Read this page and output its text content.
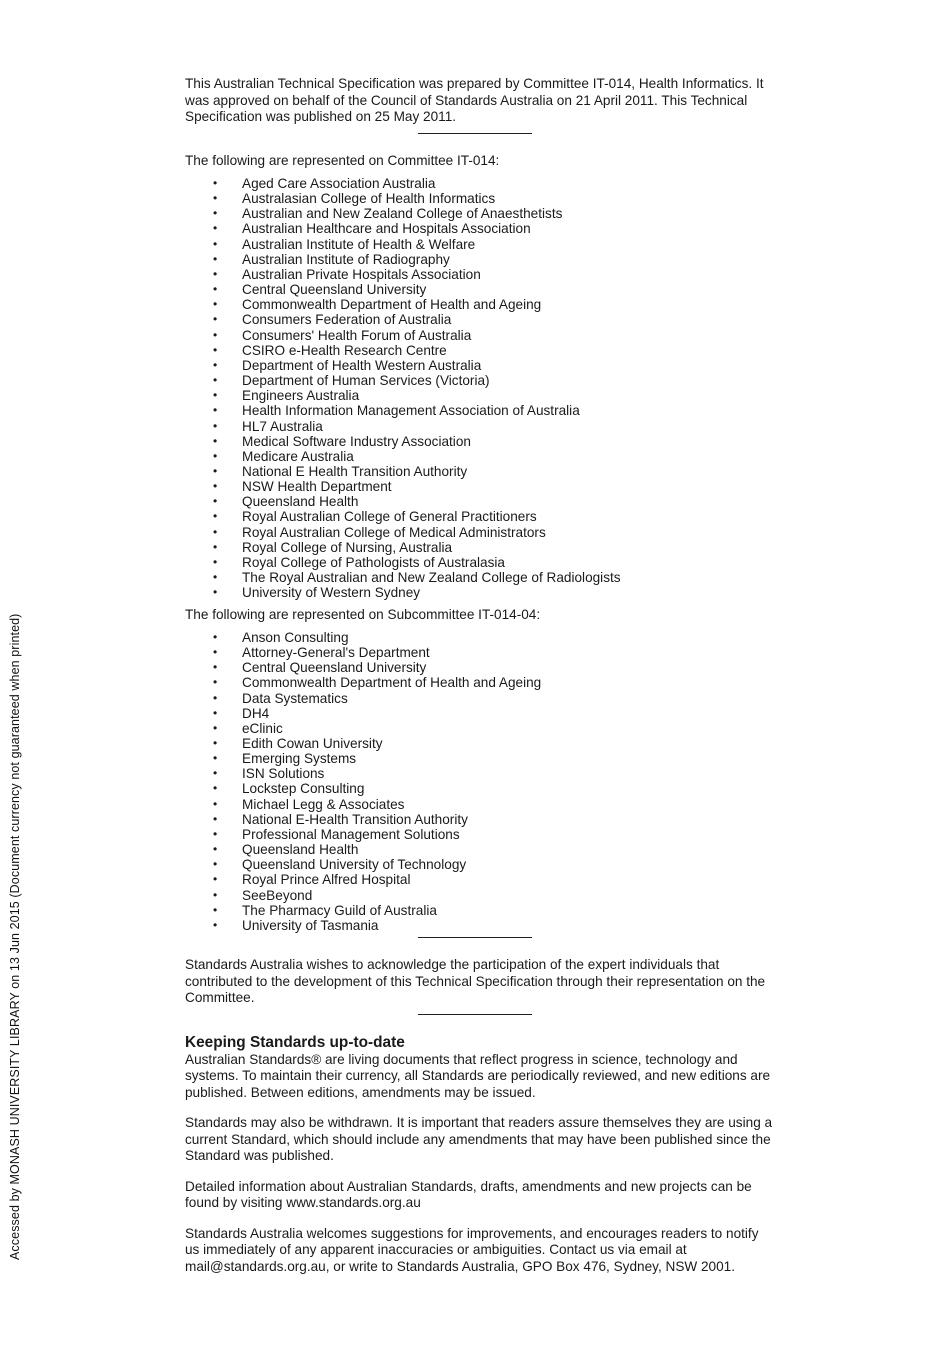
Accessed by MONASH UNIVERSITY LIBRARY on 13 Jun 2015 (Document currency not guaranteed when printed)

This Australian Technical Specification was prepared by Committee IT-014, Health Informatics. It was approved on behalf of the Council of Standards Australia on 21 April 2011. This Technical Specification was published on 25 May 2011.

The following are represented on Committee IT-014:

• Aged Care Association Australia
• Australasian College of Health Informatics
• Australian and New Zealand College of Anaesthetists
• Australian Healthcare and Hospitals Association
• Australian Institute of Health & Welfare
• Australian Institute of Radiography
• Australian Private Hospitals Association
• Central Queensland University
• Commonwealth Department of Health and Ageing
• Consumers Federation of Australia
• Consumers' Health Forum of Australia
• CSIRO e-Health Research Centre
• Department of Health Western Australia
• Department of Human Services (Victoria)
• Engineers Australia
• Health Information Management Association of Australia
• HL7 Australia
• Medical Software Industry Association
• Medicare Australia
• National E Health Transition Authority
• NSW Health Department
• Queensland Health
• Royal Australian College of General Practitioners
• Royal Australian College of Medical Administrators
• Royal College of Nursing, Australia
• Royal College of Pathologists of Australasia
• The Royal Australian and New Zealand College of Radiologists
• University of Western Sydney

The following are represented on Subcommittee IT-014-04:

• Anson Consulting
• Attorney-General's Department
• Central Queensland University
• Commonwealth Department of Health and Ageing
• Data Systematics
• DH4
• eClinic
• Edith Cowan University
• Emerging Systems
• ISN Solutions
• Lockstep Consulting
• Michael Legg & Associates
• National E-Health Transition Authority
• Professional Management Solutions
• Queensland Health
• Queensland University of Technology
• Royal Prince Alfred Hospital
• SeeBeyond
• The Pharmacy Guild of Australia
• University of Tasmania

Standards Australia wishes to acknowledge the participation of the expert individuals that contributed to the development of this Technical Specification through their representation on the Committee.

Keeping Standards up-to-date

Australian Standards® are living documents that reflect progress in science, technology and systems. To maintain their currency, all Standards are periodically reviewed, and new editions are published. Between editions, amendments may be issued.

Standards may also be withdrawn. It is important that readers assure themselves they are using a current Standard, which should include any amendments that may have been published since the Standard was published.

Detailed information about Australian Standards, drafts, amendments and new projects can be found by visiting www.standards.org.au

Standards Australia welcomes suggestions for improvements, and encourages readers to notify us immediately of any apparent inaccuracies or ambiguities. Contact us via email at mail@standards.org.au, or write to Standards Australia, GPO Box 476, Sydney, NSW 2001.
